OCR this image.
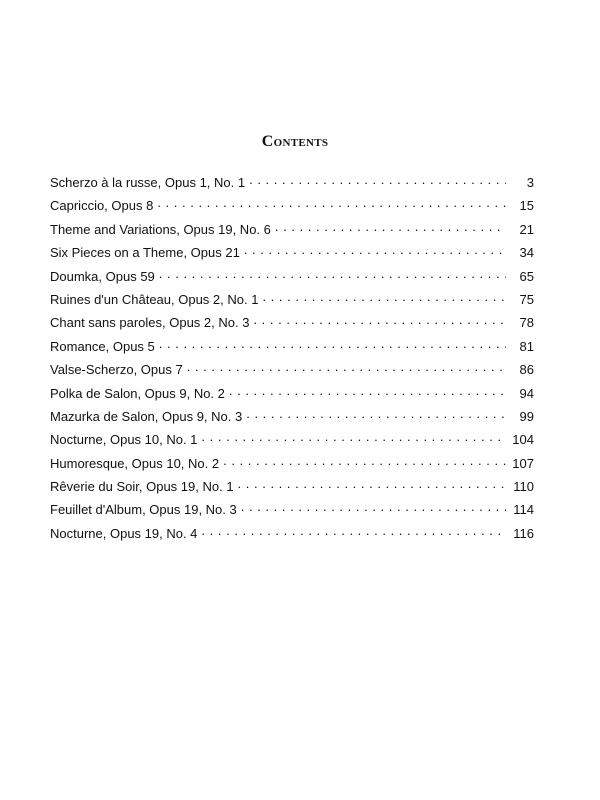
Contents
Scherzo à la russe, Opus 1, No. 1 . . .	3
Capriccio, Opus 8 . . .	15
Theme and Variations, Opus 19, No. 6 . . .	21
Six Pieces on a Theme, Opus 21 . . .	34
Doumka, Opus 59 . . .	65
Ruines d'un Château, Opus 2, No. 1 . . .	75
Chant sans paroles, Opus 2, No. 3 . . .	78
Romance, Opus 5 . . .	81
Valse-Scherzo, Opus 7 . . .	86
Polka de Salon, Opus 9, No. 2 . . .	94
Mazurka de Salon, Opus 9, No. 3 . . .	99
Nocturne, Opus 10, No. 1 . . .	104
Humoresque, Opus 10, No. 2 . . .	107
Rêverie du Soir, Opus 19, No. 1 . . .	110
Feuillet d'Album, Opus 19, No. 3 . . .	114
Nocturne, Opus 19, No. 4 . . .	116
